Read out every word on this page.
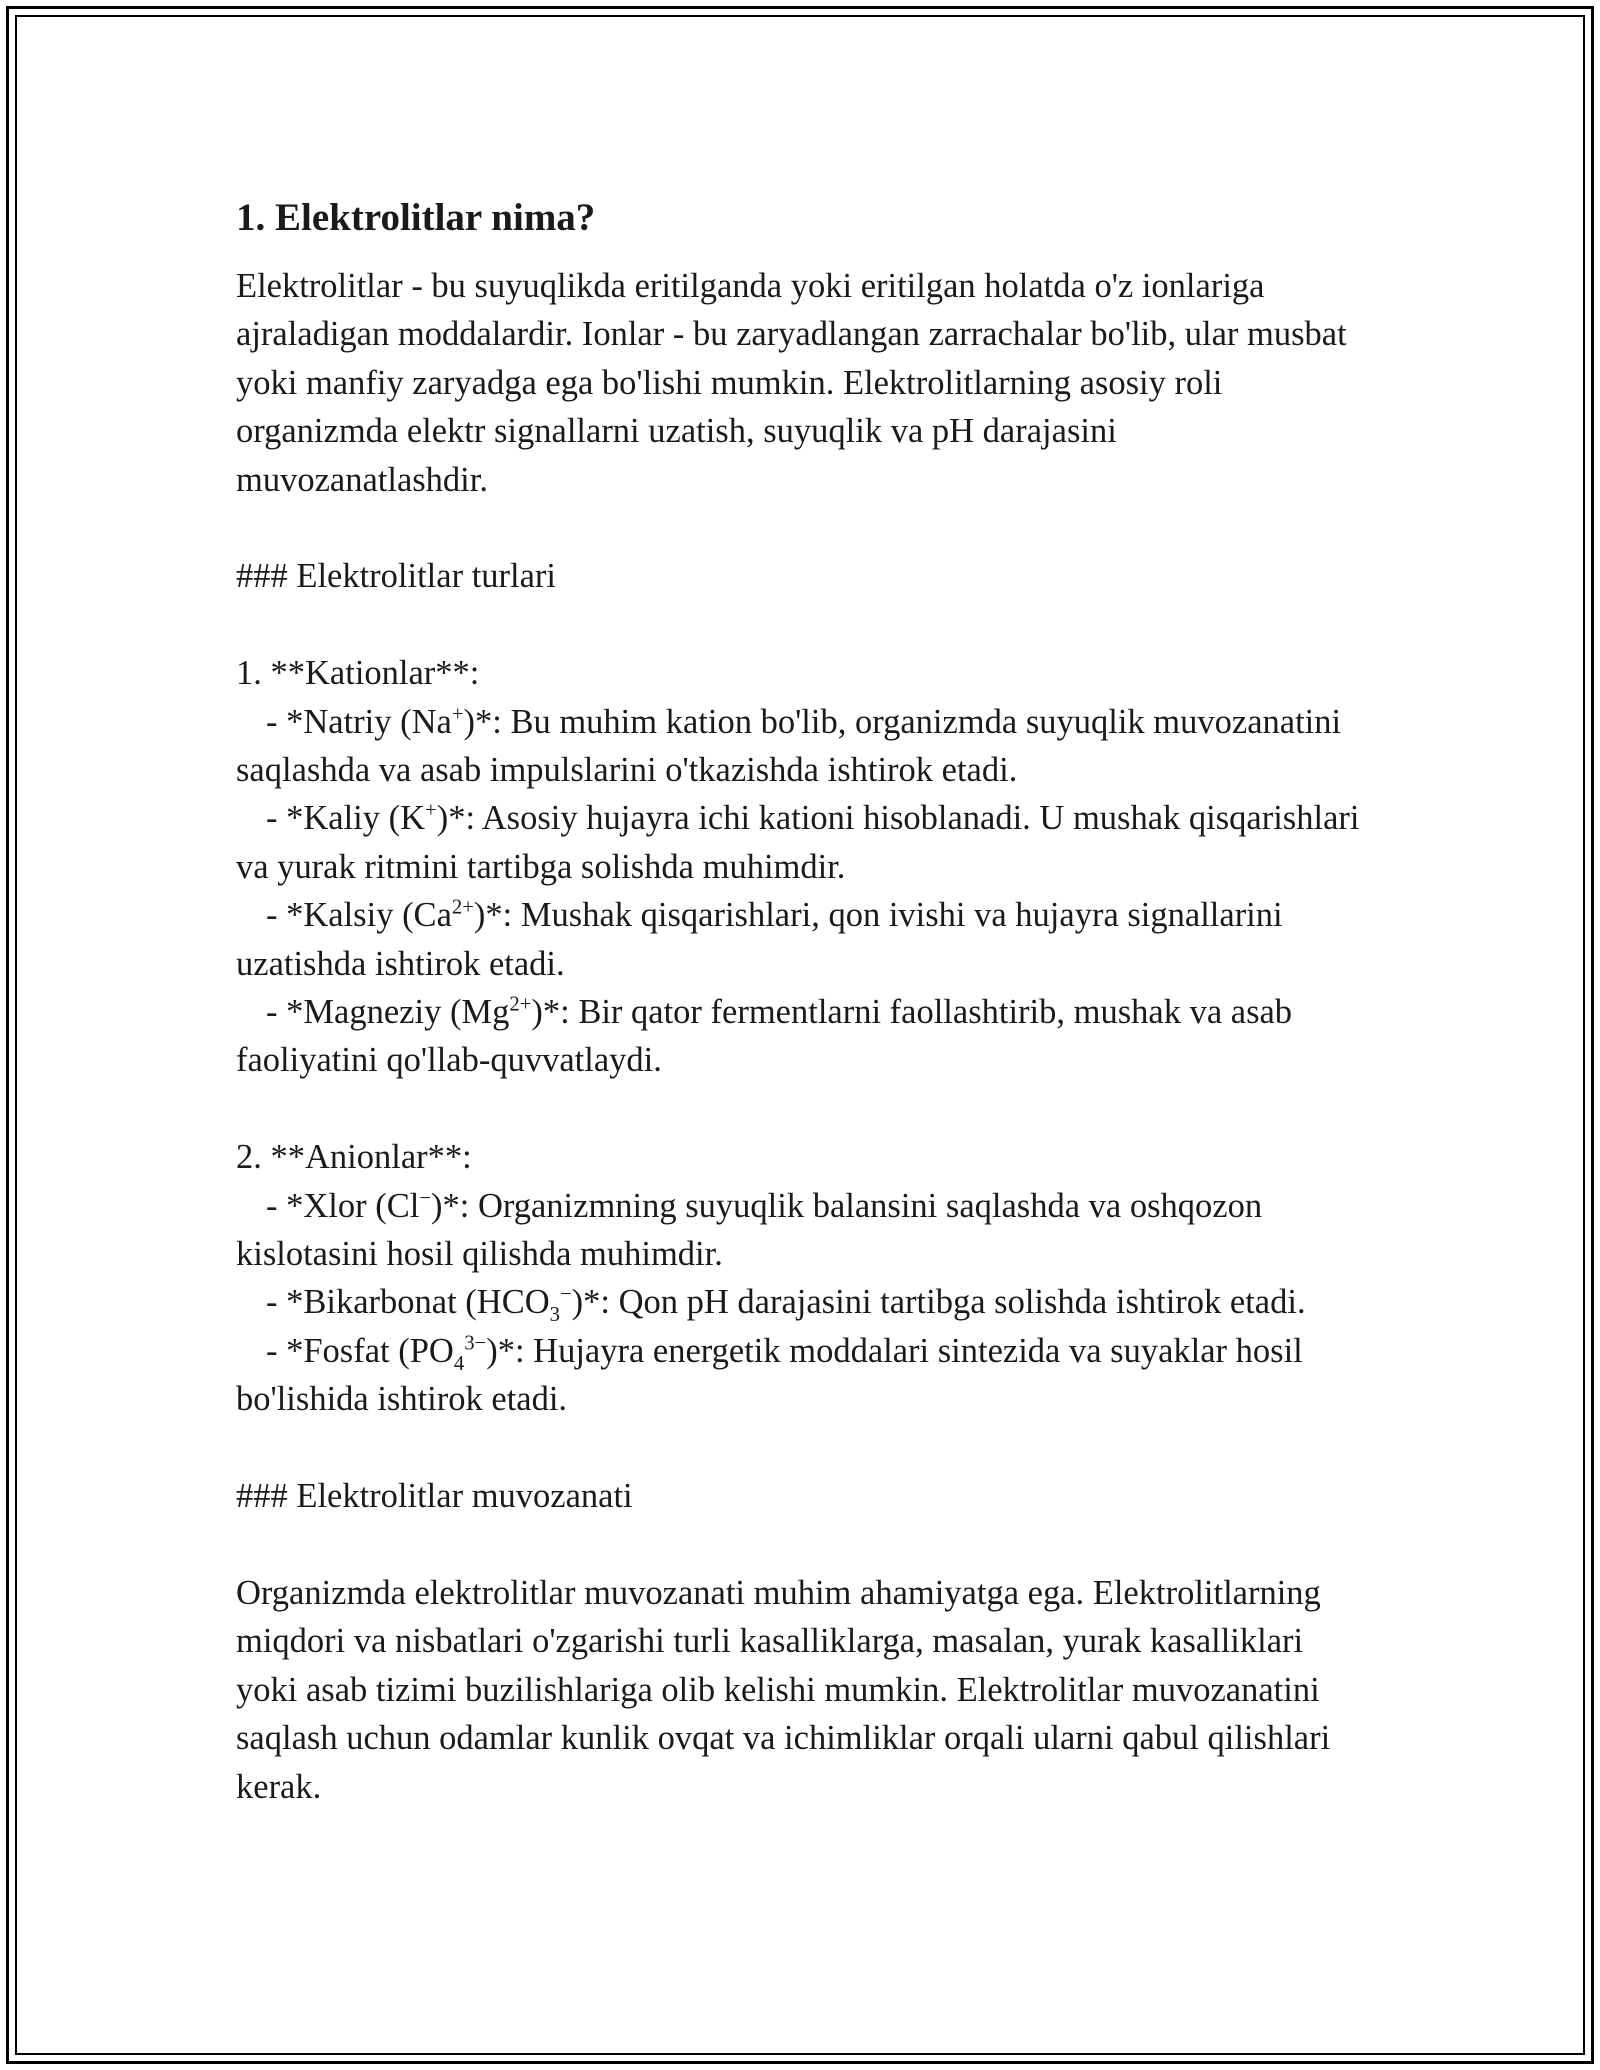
1. Elektrolitlar nima?

Elektrolitlar - bu suyuqlikda eritilganda yoki eritilgan holatda o'z ionlariga ajraladigan moddalardir. Ionlar - bu zaryadlangan zarrachalar bo'lib, ular musbat yoki manfiy zaryadga ega bo'lishi mumkin. Elektrolitlarning asosiy roli organizmda elektr signallarni uzatish, suyuqlik va pH darajasini muvozanatlashdir.

### Elektrolitlar turlari

1. **Kationlar**:

- *Natriy (Na+)*: Bu muhim kation bo'lib, organizmda suyuqlik muvozanatini saqlashda va asab impulslarini o'tkazishda ishtirok etadi.

- *Kaliy (K+)*: Asosiy hujayra ichi kationi hisoblanadi. U mushak qisqarishlari va yurak ritmini tartibga solishda muhimdir.

- *Kalsiy $(Ca^{2+})*$: Mushak qisqarishlari, qon ivishi va hujayra signallarini uzatishda ishtirok etadi.

- *Magneziy $(Mg^{2+})*$: Bir qator fermentlarni faollashtirib, mushak va asab faoliyatini qo'llab-quvvatlaydi.

2. **Anionlar**:

- *Xlor (Cl−)*: Organizmning suyuqlik balansini saqlashda va oshqozon kislotasini hosil qilishda muhimdir.

- *Bikarbonat $(HCO_3^-)*$: Qon pH darajasini tartibga solishda ishtirok etadi.

- *Fosfat $(PO_4^{3-})*$: Hujayra energetik moddalari sintezida va suyaklar hosil bo'lishida ishtirok etadi.

### Elektrolitlar muvozanati

Organizmda elektrolitlar muvozanati muhim ahamiyatga ega. Elektrolitlarning miqdori va nisbatlari o'zgarishi turli kasalliklarga, masalan, yurak kasalliklari yoki asab tizimi buzilishlariga olib kelishi mumkin. Elektrolitlar muvozanatini saqlash uchun odamlar kunlik ovqat va ichimliklar orqali ularni qabul qilishlari kerak.
